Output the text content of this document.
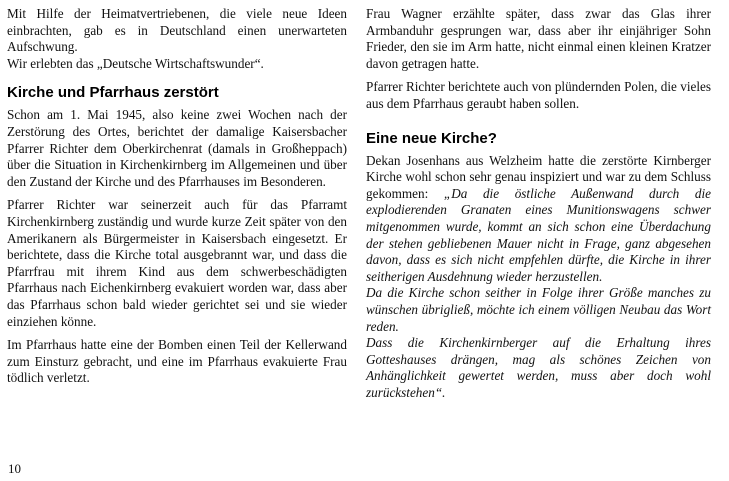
Mit Hilfe der Heimatvertriebenen, die viele neue Ideen einbrachten, gab es in Deutschland einen unerwarteten Aufschwung.

Wir erlebten das „Deutsche Wirtschaftswunder“.

Kirche und Pfarrhaus zerstört

Schon am 1. Mai 1945, also keine zwei Wochen nach der Zerstörung des Ortes, berichtet der damalige Kaisersbacher Pfarrer Richter dem Oberkirchenrat (damals in Großheppach) über die Situation in Kirchenkirnberg im Allgemeinen und über den Zustand der Kirche und des Pfarrhauses im Besonderen.

Pfarrer Richter war seinerzeit auch für das Pfarramt Kirchenkirnberg zuständig und wurde kurze Zeit später von den Amerikanern als Bürgermeister in Kaisersbach eingesetzt. Er berichtete, dass die Kirche total ausgebrannt war, und dass die Pfarrfrau mit ihrem Kind aus dem schwerbeschädigten Pfarrhaus nach Eichenkirnberg evakuiert worden war, dass aber das Pfarrhaus schon bald wieder gerichtet sei und sie wieder einziehen könne.

Im Pfarrhaus hatte eine der Bomben einen Teil der Kellerwand zum Einsturz gebracht, und eine im Pfarrhaus evakuierte Frau tödlich verletzt.

Frau Wagner erzählte später, dass zwar das Glas ihrer Armbanduhr gesprungen war, dass aber ihr einjähriger Sohn Frieder, den sie im Arm hatte, nicht einmal einen kleinen Kratzer davon getragen hatte.

Pfarrer Richter berichtete auch von plündernden Polen, die vieles aus dem Pfarrhaus geraubt haben sollen.

Eine neue Kirche?

Dekan Josenhans aus Welzheim hatte die zerstörte Kirnberger Kirche wohl schon sehr genau inspiziert und war zu dem Schluss gekommen: „Da die östliche Außenwand durch die explodierenden Granaten eines Munitionswagens schwer mitgenommen wurde, kommt an sich schon eine Überdachung der stehen gebliebenen Mauer nicht in Frage, ganz abgesehen davon, dass es sich nicht empfehlen dürfte, die Kirche in ihrer seitherigen Ausdehnung wieder herzustellen.

Da die Kirche schon seither in Folge ihrer Größe manches zu wünschen übrigließ, möchte ich einem völligen Neubau das Wort reden.

Dass die Kirchenkirnberger auf die Erhaltung ihres Gotteshauses drängen, mag als schönes Zeichen von Anhänglichkeit gewertet werden, muss aber doch wohl zurückstehen“.

10
